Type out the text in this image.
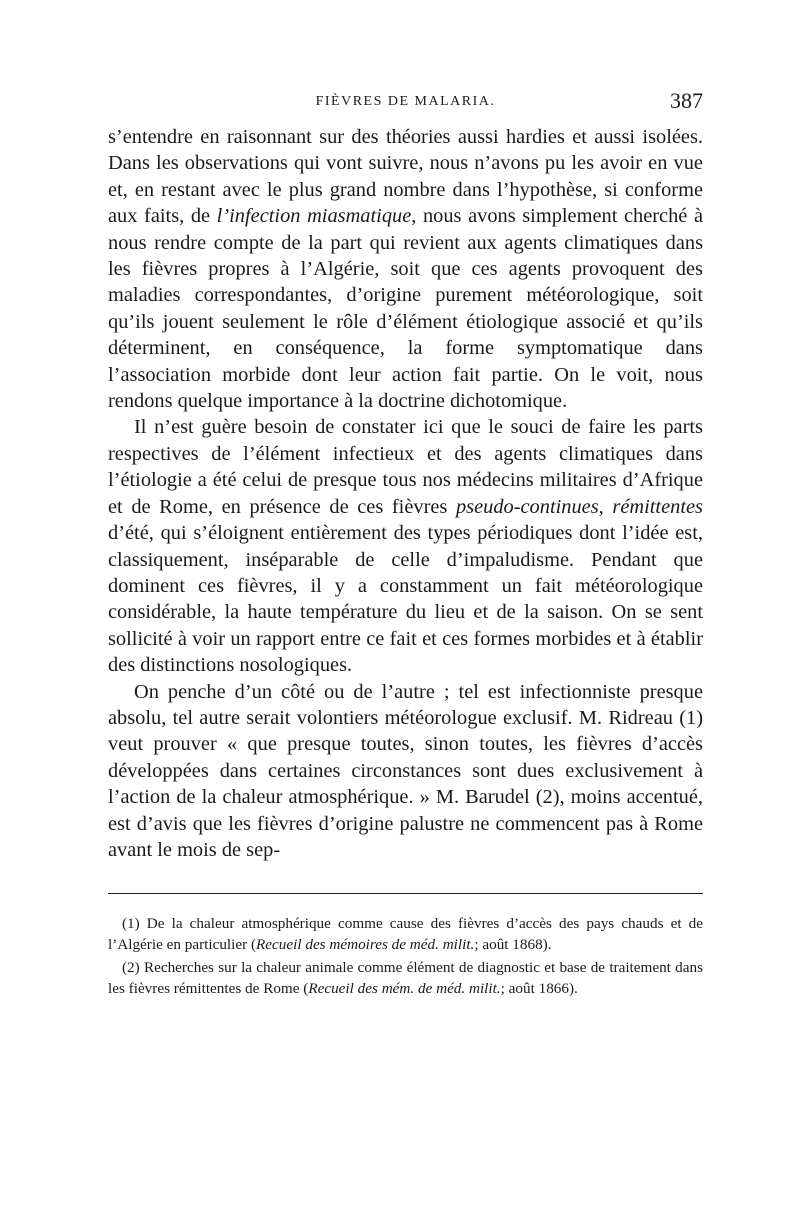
FIÈVRES DE MALARIA.	387

s’entendre en raisonnant sur des théories aussi hardies et aussi isolées. Dans les observations qui vont suivre, nous n’avons pu les avoir en vue et, en restant avec le plus grand nombre dans l’hypothèse, si conforme aux faits, de l’infection miasmatique, nous avons simplement cherché à nous rendre compte de la part qui revient aux agents climatiques dans les fièvres propres à l’Algérie, soit que ces agents provoquent des maladies correspondantes, d’origine purement météorologique, soit qu’ils jouent seulement le rôle d’élément étiologique associé et qu’ils déterminent, en conséquence, la forme symptomatique dans l’association morbide dont leur action fait partie. On le voit, nous rendons quelque importance à la doctrine dichotomique.

Il n’est guère besoin de constater ici que le souci de faire les parts respectives de l’élément infectieux et des agents climatiques dans l’étiologie a été celui de presque tous nos médecins militaires d’Afrique et de Rome, en présence de ces fièvres pseudo-continues, rémittentes d’été, qui s’éloignent entièrement des types périodiques dont l’idée est, classiquement, inséparable de celle d’impaludisme. Pendant que dominent ces fièvres, il y a constamment un fait météorologique considérable, la haute température du lieu et de la saison. On se sent sollicité à voir un rapport entre ce fait et ces formes morbides et à établir des distinctions nosologiques.

On penche d’un côté ou de l’autre ; tel est infectionniste presque absolu, tel autre serait volontiers météorologue exclusif. M. Ridreau (1) veut prouver « que presque toutes, sinon toutes, les fièvres d’accès développées dans certaines circonstances sont dues exclusivement à l’action de la chaleur atmosphérique. » M. Barudel (2), moins accentué, est d’avis que les fièvres d’origine palustre ne commencent pas à Rome avant le mois de sep-

(1) De la chaleur atmosphérique comme cause des fièvres d’accès des pays chauds et de l’Algérie en particulier (Recueil des mémoires de méd. milit.; août 1868).

(2) Recherches sur la chaleur animale comme élément de diagnostic et base de traitement dans les fièvres rémittentes de Rome (Recueil des mém. de méd. milit.; août 1866).
